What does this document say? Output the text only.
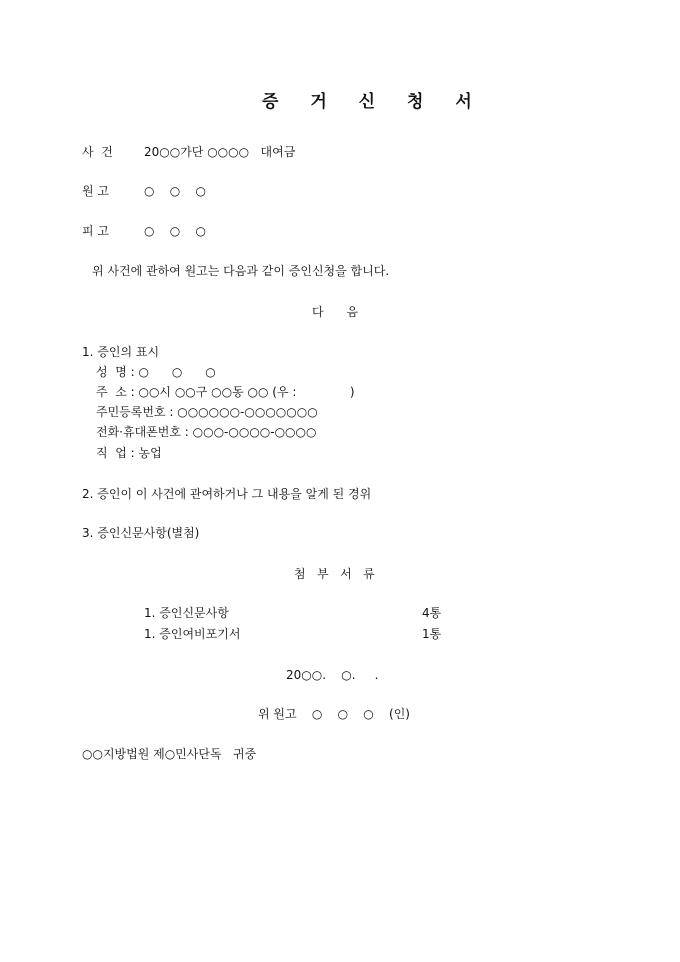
증 거 신 청 서
사  건	20○○가단 ○○○○   대여금
원 고	○    ○    ○
피 고	○    ○    ○
위 사건에 관하여 원고는 다음과 같이 증인신청을 합니다.
다      음
1. 증인의 표시
성  명 : ○      ○      ○
주  소 : ○○시 ○○구 ○○동 ○○ (우 :              )
주민등록번호 : ○○○○○○-○○○○○○○
전화·휴대폰번호 : ○○○-○○○○-○○○○
직  업 : 농업
2. 증인이 이 사건에 관여하거나 그 내용을 알게 된 경위
3. 증인신문사항(별첨)
첨   부   서   류
1. 증인신문사항	4통
1. 증인여비포기서	1통
20○○.    ○.     .
위 원고    ○    ○    ○    (인)
○○지방법원 제○민사단독   귀중
